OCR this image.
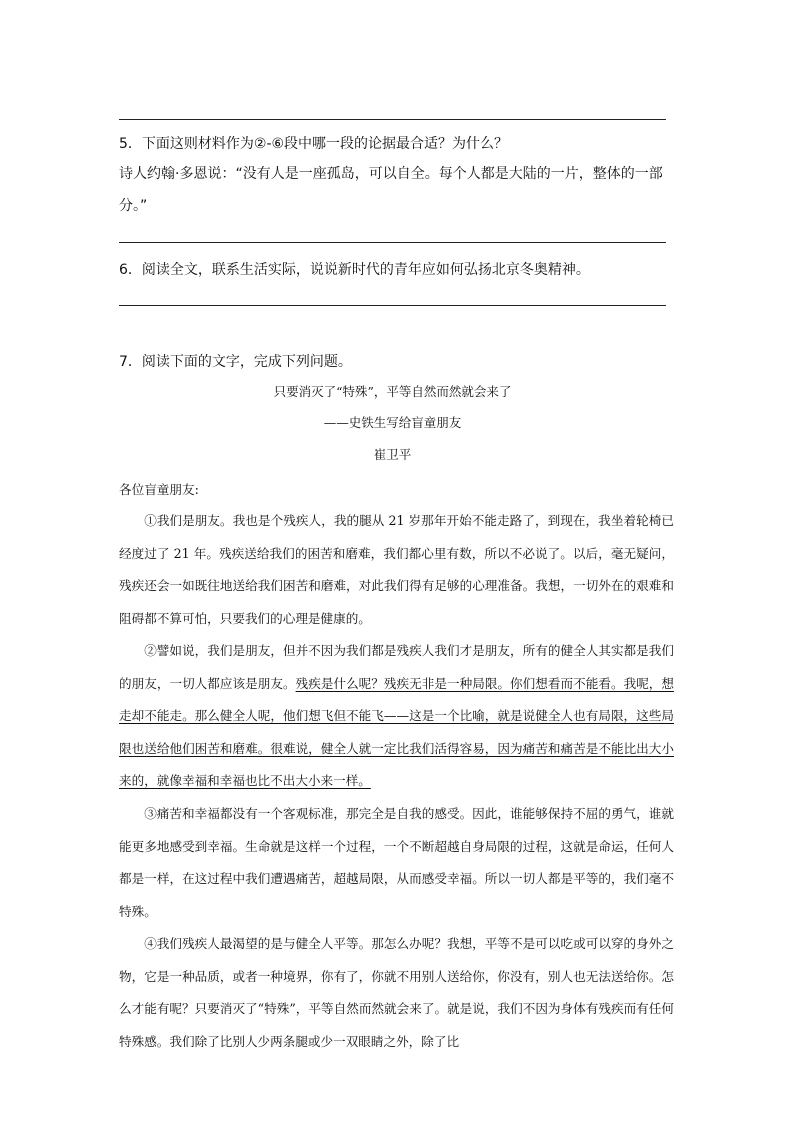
5．下面这则材料作为②-⑥段中哪一段的论据最合适？为什么？
诗人约翰·多恩说：“没有人是一座孤岛，可以自全。每个人都是大陆的一片，整体的一部
分。”
6．阅读全文，联系生活实际，说说新时代的青年应如何弘扬北京冬奥精神。
7．阅读下面的文字，完成下列问题。
只要消灭了“特殊”，平等自然而然就会来了
——史铁生写给盲童朋友
崔卫平
各位盲童朋友:

①我们是朋友。我也是个残疾人，我的腿从 21 岁那年开始不能走路了，到现在，我坐着轮椅已经度过了 21 年。残疾送给我们的困苦和磨难，我们都心里有数，所以不必说了。以后，毫无疑问，残疾还会一如既往地送给我们困苦和磨难，对此我们得有足够的心理准备。我想，一切外在的艰难和阻碍都不算可怕，只要我们的心理是健康的。

②譬如说，我们是朋友，但并不因为我们都是残疾人我们才是朋友，所有的健全人其实都是我们的朋友，一切人都应该是朋友。残疾是什么呢？残疾无非是一种局限。你们想看而不能看。我呢，想走却不能走。那么健全人呢，他们想飞但不能飞——这是一个比喻，就是说健全人也有局限，这些局限也送给他们困苦和磨难。很难说，健全人就一定比我们活得容易，因为痛苦和痛苦是不能比出大小来的，就像幸福和幸福也比不出大小来一样。

③痛苦和幸福都没有一个客观标准，那完全是自我的感受。因此，谁能够保持不屈的勇气，谁就能更多地感受到幸福。生命就是这样一个过程，一个不断超越自身局限的过程，这就是命运，任何人都是一样，在这过程中我们遭遇痛苦，超越局限，从而感受幸福。所以一切人都是平等的，我们毫不特殊。

④我们残疾人最渴望的是与健全人平等。那怎么办呢？我想，平等不是可以吃或可以穿的身外之物，它是一种品质，或者一种境界，你有了，你就不用别人送给你，你没有，别人也无法送给你。怎么才能有呢？只要消灭了“特殊”，平等自然而然就会来了。就是说，我们不因为身体有残疾而有任何特殊感。我们除了比别人少两条腿或少一双眼睛之外，除了比
